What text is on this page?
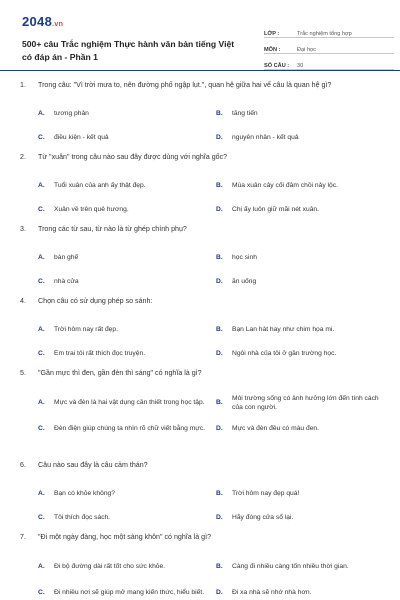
2048.vn
500+ câu Trắc nghiệm Thực hành văn bản tiếng Việt có đáp án - Phần 1
LỚP :	Trắc nghiệm tổng hợp
MÔN :	Đại học
SỐ CÂU :	30
1.	Trong câu: "Vì trời mưa to, nên đường phố ngập lụt.", quan hệ giữa hai vế câu là quan hệ gì?
A.	tương phản	B.	tăng tiến
C.	điều kiện - kết quả	D.	nguyên nhân - kết quả
2.	Từ "xuân" trong câu nào sau đây được dùng với nghĩa gốc?
A.	Tuổi xuân của anh ấy thật đẹp.	B.	Mùa xuân cây cối đâm chồi nảy lộc.
C.	Xuân về trên quê hương.	D.	Chị ấy luôn giữ mãi nét xuân.
3.	Trong các từ sau, từ nào là từ ghép chính phụ?
A.	bàn ghế	B.	học sinh
C.	nhà cửa	D.	ăn uống
4.	Chọn câu có sử dụng phép so sánh:
A.	Trời hôm nay rất đẹp.	B.	Bạn Lan hát hay như chim họa mi.
C.	Em trai tôi rất thích đọc truyện.	D.	Ngôi nhà của tôi ở gần trường học.
5.	"Gần mực thì đen, gần đèn thì sáng" có nghĩa là gì?
A.	Mực và đèn là hai vật dụng cần thiết trong học tập.	B.
Môi trường sống có ảnh hưởng lớn đến tính cách của con người.
C.	Đèn điện giúp chúng ta nhìn rõ chữ viết bằng mực.	D.	Mực và đèn đều có màu đen.
6.	Câu nào sau đây là câu cảm thán?
A.	Bạn có khỏe không?	B.	Trời hôm nay đẹp quá!
C.	Tôi thích đọc sách.	D.	Hãy đóng cửa sổ lại.
7.	"Đi một ngày đàng, học một sàng khôn" có nghĩa là gì?
A.	Đi bộ đường dài rất tốt cho sức khỏe.	B.	Càng đi nhiều càng tốn nhiều thời gian.
C.	Đi nhiều nơi sẽ giúp mở mang kiến thức, hiểu biết.	D.	Đi xa nhà sẽ nhớ nhà hơn.
